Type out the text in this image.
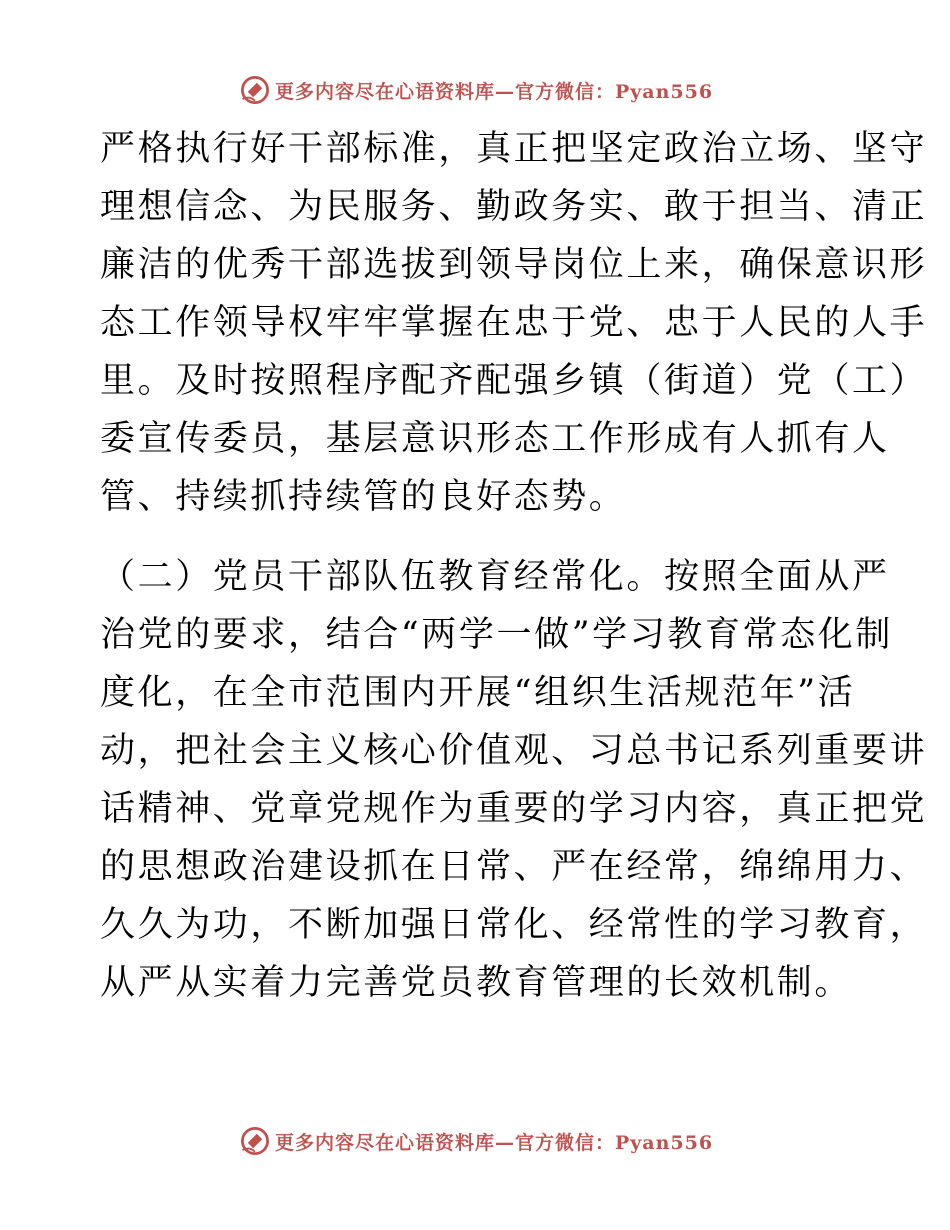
更多内容尽在心语资料库—官方微信：Pyan556
严格执行好干部标准，真正把坚定政治立场、坚守
理想信念、为民服务、勤政务实、敢于担当、清正
廉洁的优秀干部选拔到领导岗位上来，确保意识形
态工作领导权牢牢掌握在忠于党、忠于人民的人手
里。及时按照程序配齐配强乡镇（街道）党（工）
委宣传委员，基层意识形态工作形成有人抓有人
管、持续抓持续管的良好态势。
（二）党员干部队伍教育经常化。按照全面从严
治党的要求，结合“两学一做”学习教育常态化制
度化，在全市范围内开展“组织生活规范年”活
动，把社会主义核心价值观、习总书记系列重要讲
话精神、党章党规作为重要的学习内容，真正把党
的思想政治建设抓在日常、严在经常，绵绵用力、
久久为功，不断加强日常化、经常性的学习教育，
从严从实着力完善党员教育管理的长效机制。
更多内容尽在心语资料库—官方微信：Pyan556
